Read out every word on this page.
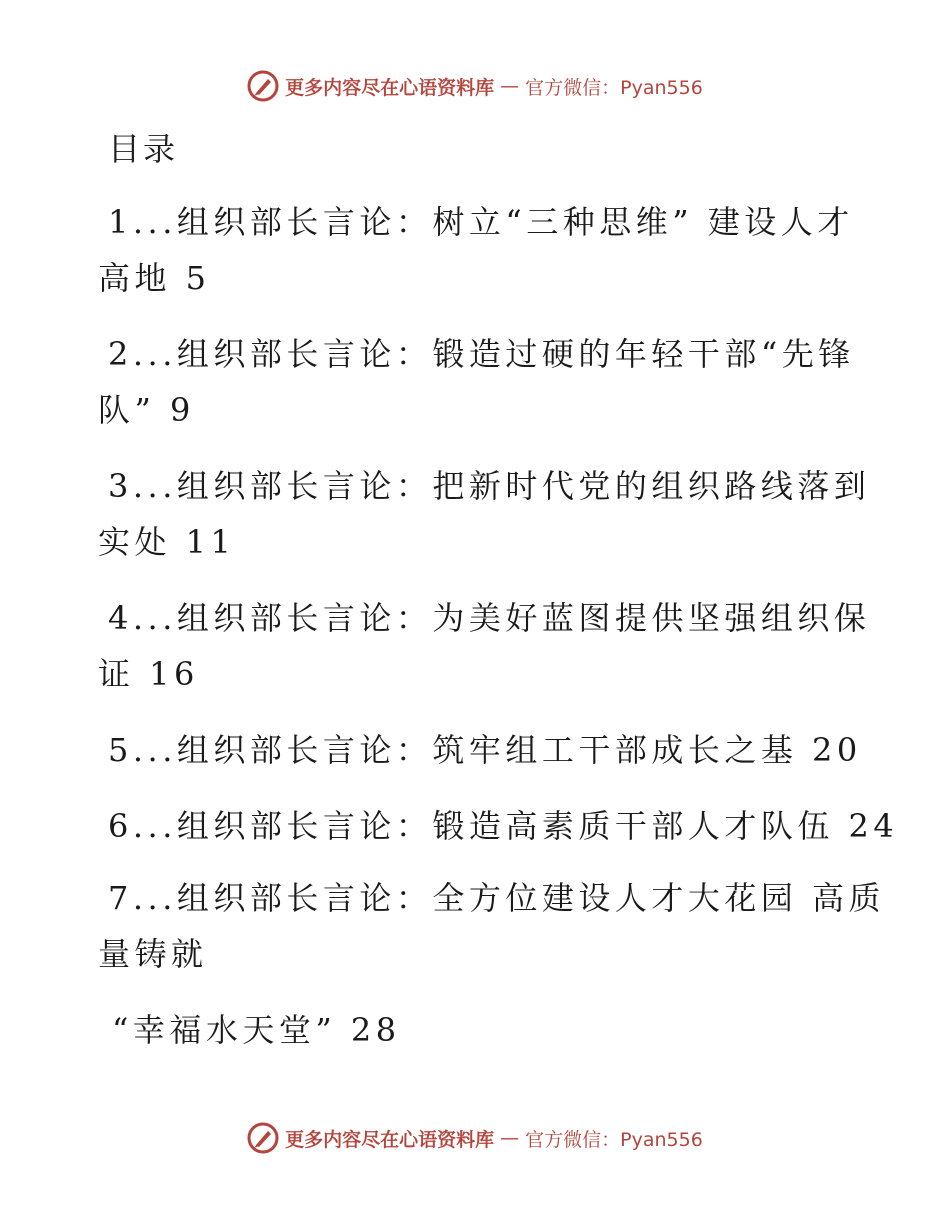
更多内容尽在心语资料库 — 官方微信：Pyan556
目录
1...组织部长言论：树立“三种思维” 建设人才
高地 5
2...组织部长言论：锻造过硬的年轻干部“先锋
队” 9
3...组织部长言论：把新时代党的组织路线落到
实处 11
4...组织部长言论：为美好蓝图提供坚强组织保
证 16
5...组织部长言论：筑牢组工干部成长之基 20
6...组织部长言论：锻造高素质干部人才队伍 24
7...组织部长言论：全方位建设人才大花园 高质
量铸就
“幸福水天堂” 28
更多内容尽在心语资料库 — 官方微信：Pyan556
